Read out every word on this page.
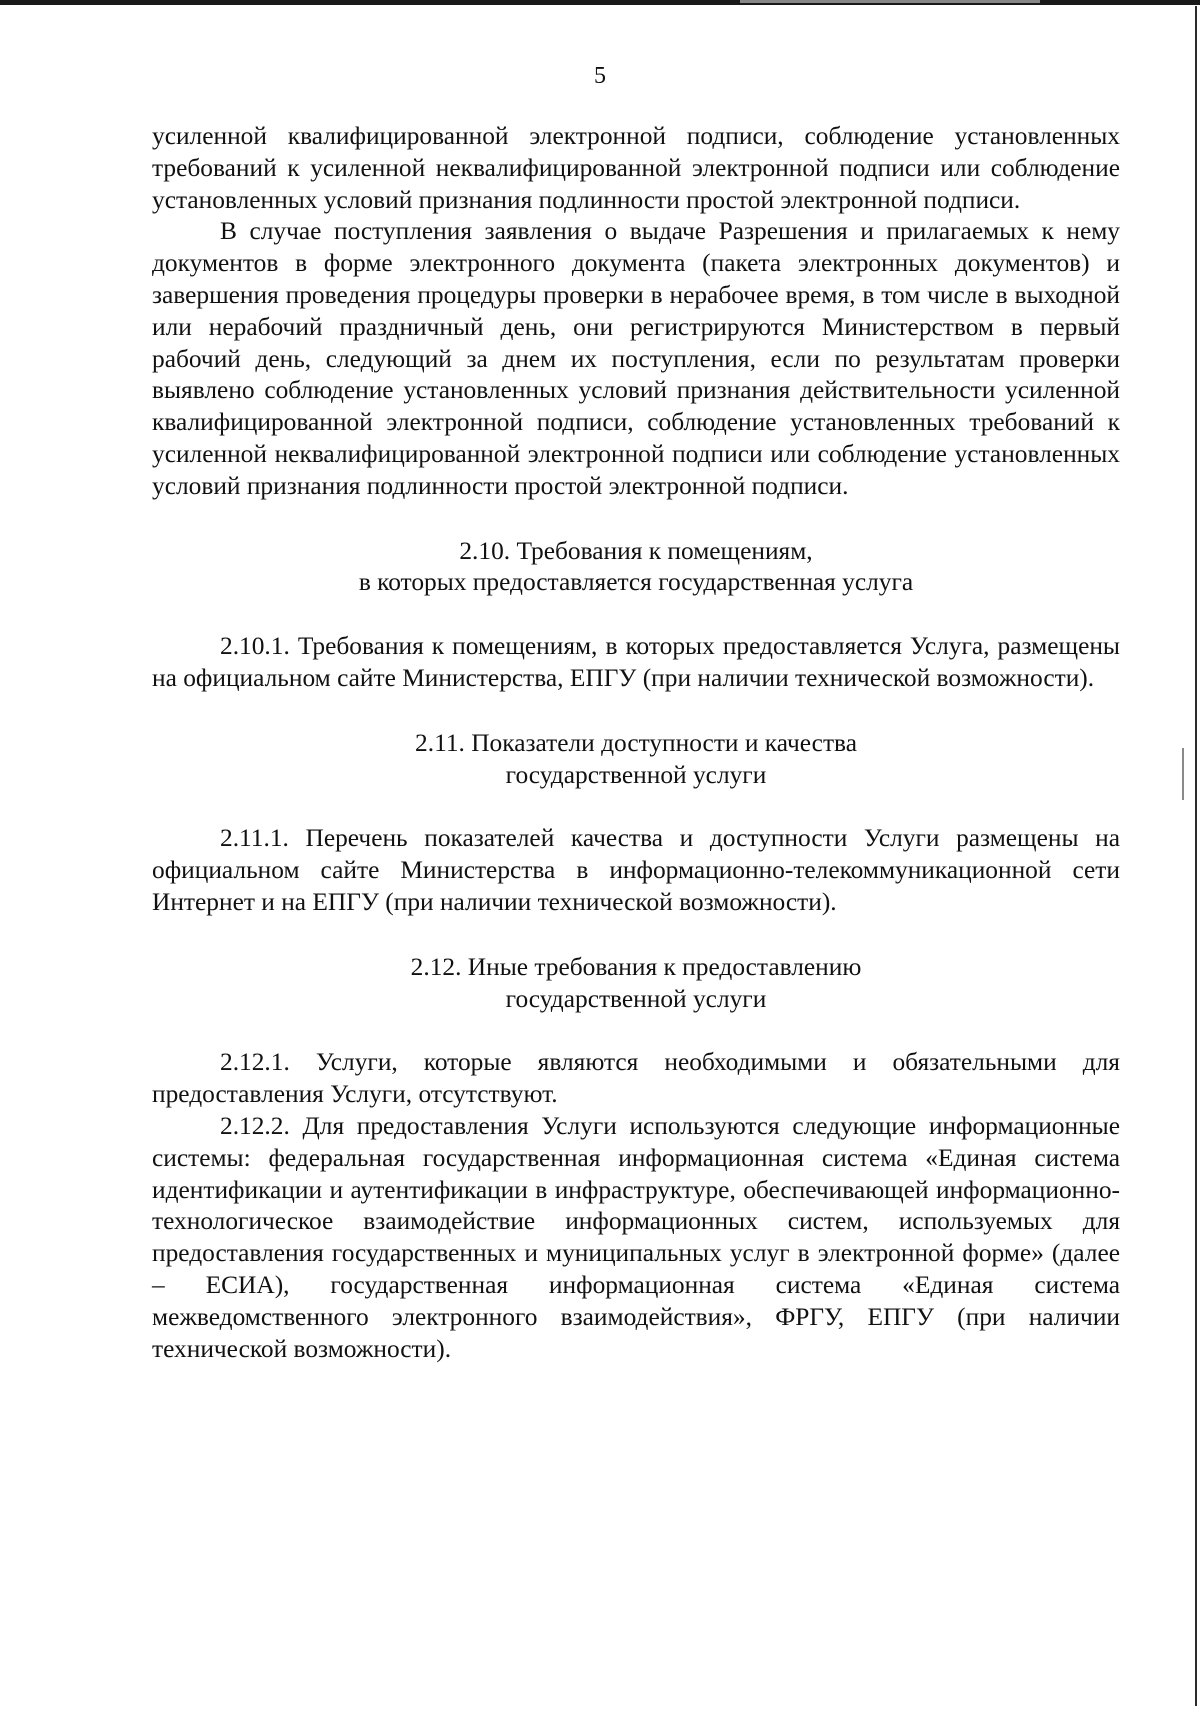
5

усиленной квалифицированной электронной подписи, соблюдение установленных требований к усиленной неквалифицированной электронной подписи или соблюдение установленных условий признания подлинности простой электронной подписи.

В случае поступления заявления о выдаче Разрешения и прилагаемых к нему документов в форме электронного документа (пакета электронных документов) и завершения проведения процедуры проверки в нерабочее время, в том числе в выходной или нерабочий праздничный день, они регистрируются Министерством в первый рабочий день, следующий за днем их поступления, если по результатам проверки выявлено соблюдение установленных условий признания действительности усиленной квалифицированной электронной подписи, соблюдение установленных требований к усиленной неквалифицированной электронной подписи или соблюдение установленных условий признания подлинности простой электронной подписи.

2.10. Требования к помещениям,
в которых предоставляется государственная услуга

2.10.1. Требования к помещениям, в которых предоставляется Услуга, размещены на официальном сайте Министерства, ЕПГУ (при наличии технической возможности).

2.11. Показатели доступности и качества
государственной услуги

2.11.1. Перечень показателей качества и доступности Услуги размещены на официальном сайте Министерства в информационно-телекоммуникационной сети Интернет и на ЕПГУ (при наличии технической возможности).

2.12. Иные требования к предоставлению
государственной услуги

2.12.1. Услуги, которые являются необходимыми и обязательными для предоставления Услуги, отсутствуют.

2.12.2. Для предоставления Услуги используются следующие информационные системы: федеральная государственная информационная система «Единая система идентификации и аутентификации в инфраструктуре, обеспечивающей информационно-технологическое взаимодействие информационных систем, используемых для предоставления государственных и муниципальных услуг в электронной форме» (далее – ЕСИА), государственная информационная система «Единая система межведомственного электронного взаимодействия», ФРГУ, ЕПГУ (при наличии технической возможности).
